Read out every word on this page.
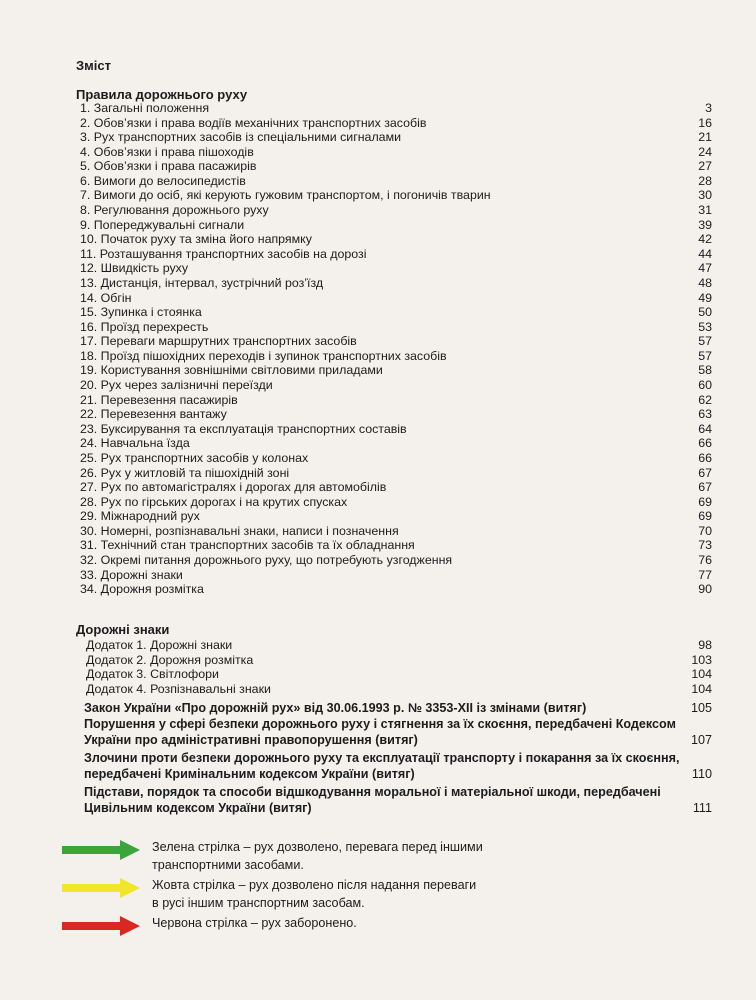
Зміст
Правила дорожнього руху
1. Загальні положення	3
2. Обов’язки і права водіїв механічних транспортних засобів	16
3. Рух транспортних засобів із спеціальними сигналами	21
4. Обов’язки і права пішоходів	24
5. Обов’язки і права пасажирів	27
6. Вимоги до велосипедистів	28
7. Вимоги до осіб, які керують гужовим транспортом, і погоничів тварин	30
8. Регулювання дорожнього руху	31
9. Попереджувальні сигнали	39
10. Початок руху та зміна його напрямку	42
11. Розташування транспортних засобів на дорозі	44
12. Швидкість руху	47
13. Дистанція, інтервал, зустрічний роз’їзд	48
14. Обгін	49
15. Зупинка і стоянка	50
16. Проїзд перехресть	53
17. Переваги маршрутних транспортних засобів	57
18. Проїзд пішохідних переходів і зупинок транспортних засобів	57
19. Користування зовнішніми світловими приладами	58
20. Рух через залізничні переїзди	60
21. Перевезення пасажирів	62
22. Перевезення вантажу	63
23. Буксирування та експлуатація транспортних составів	64
24. Навчальна їзда	66
25. Рух транспортних засобів у колонах	66
26. Рух у житловій та пішохідній зоні	67
27. Рух по автомагістралях і дорогах для автомобілів	67
28. Рух по гірських дорогах і на крутих спусках	69
29. Міжнародний рух	69
30. Номерні, розпізнавальні знаки, написи і позначення	70
31. Технічний стан транспортних засобів та їх обладнання	73
32. Окремі питання дорожнього руху, що потребують узгодження	76
33. Дорожні знаки	77
34. Дорожня розмітка	90
Дорожні знаки
Додаток 1. Дорожні знаки	98
Додаток 2. Дорожня розмітка	103
Додаток 3. Світлофори	104
Додаток 4. Розпізнавальні знаки	104
Закон України «Про дорожній рух» від 30.06.1993 р. № 3353-XII із змінами (витяг)	105
Порушення у сфері безпеки дорожнього руху і стягнення за їх скоєння, передбачені Кодексом України про адміністративні правопорушення (витяг)	107
Злочини проти безпеки дорожнього руху та експлуатації транспорту і покарання за їх скоєння, передбачені Кримінальним кодексом України (витяг)	110
Підстави, порядок та способи відшкодування моральної і матеріальної шкоди, передбачені Цивільним кодексом України (витяг)	111
Зелена стрілка – рух дозволено, перевага перед іншими
транспортними засобами.
Жовта стрілка – рух дозволено після надання переваги
в русі іншим транспортним засобам.
Червона стрілка – рух заборонено.
